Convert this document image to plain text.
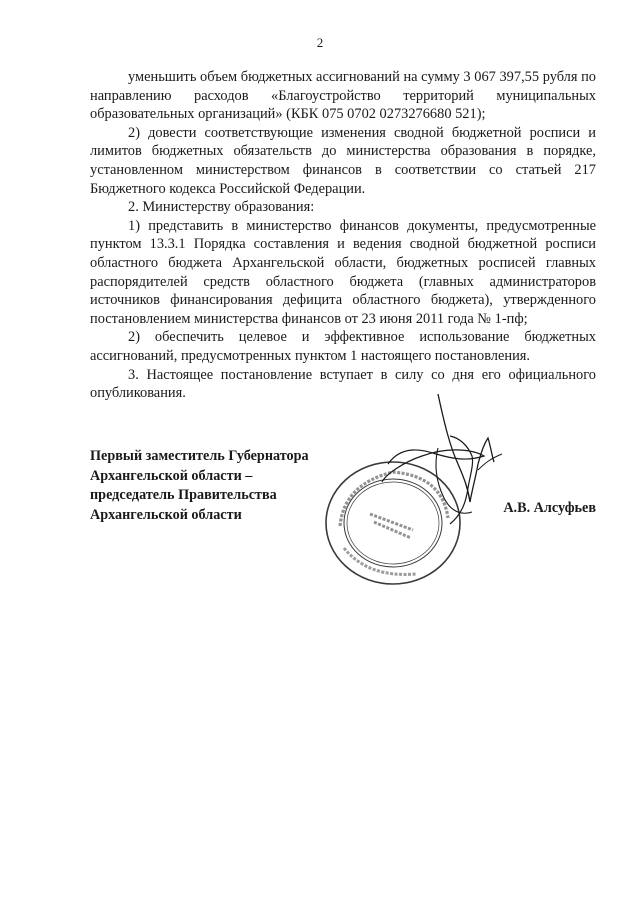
2

уменьшить объем бюджетных ассигнований на сумму 3 067 397,55 рубля по направлению расходов «Благоустройство территорий муниципальных образовательных организаций» (КБК 075 0702 0273276680 521);

2) довести соответствующие изменения сводной бюджетной росписи и лимитов бюджетных обязательств до министерства образования в порядке, установленном министерством финансов в соответствии со статьей 217 Бюджетного кодекса Российской Федерации.

2. Министерству образования:

1) представить в министерство финансов документы, предусмотренные пунктом 13.3.1 Порядка составления и ведения сводной бюджетной росписи областного бюджета Архангельской области, бюджетных росписей главных распорядителей средств областного бюджета (главных администраторов источников финансирования дефицита областного бюджета), утвержденного постановлением министерства финансов от 23 июня 2011 года № 1-пф;

2) обеспечить целевое и эффективное использование бюджетных ассигнований, предусмотренных пунктом 1 настоящего постановления.

3. Настоящее постановление вступает в силу со дня его официального опубликования.

Первый заместитель Губернатора
Архангельской области –
председатель Правительства
Архангельской области	А.В. Алсуфьев
